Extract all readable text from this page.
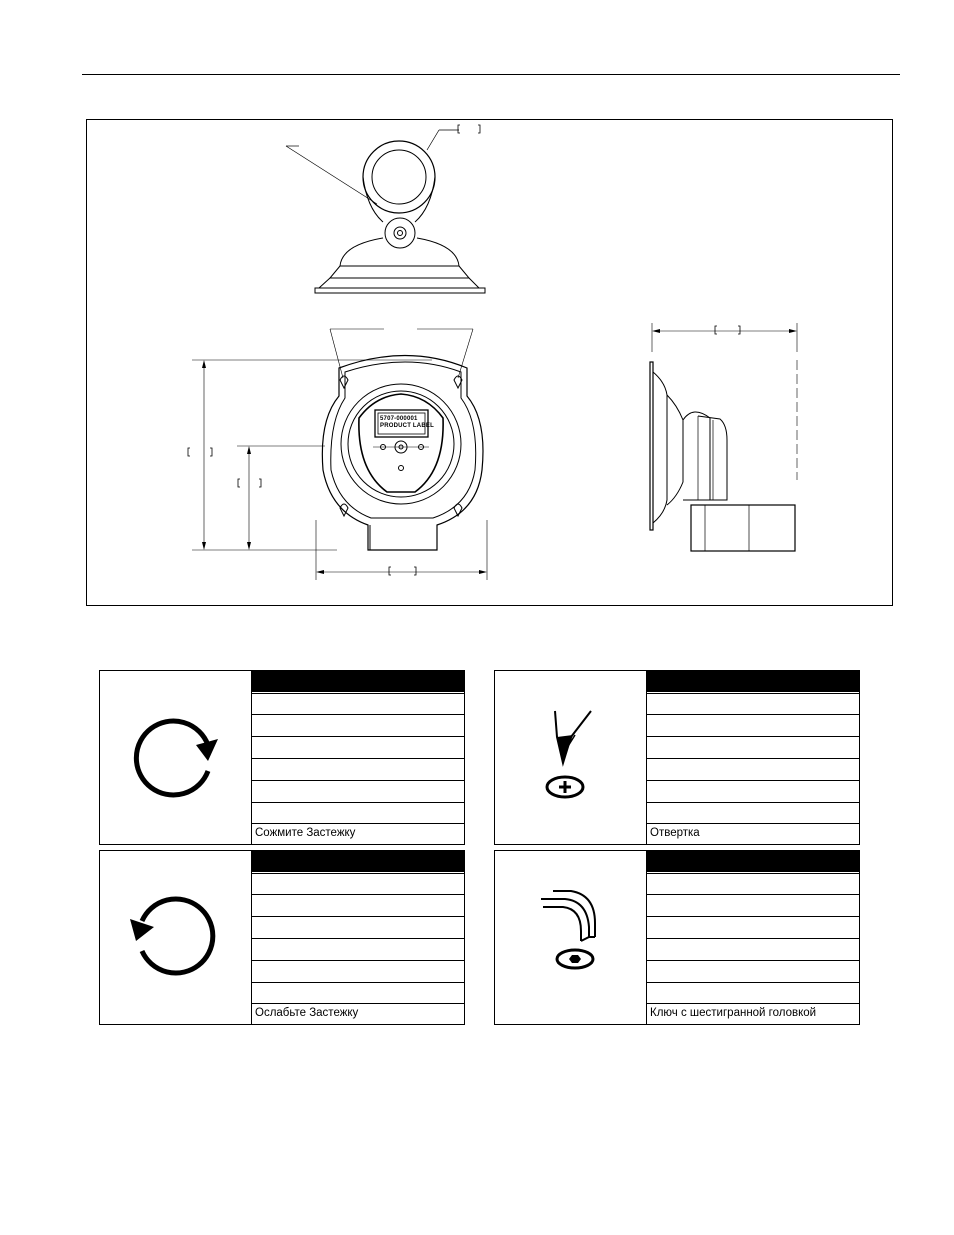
5707-000001
PRODUCT LABEL
Сожмите Застежку	Отвертка
Ослабьте Застежку	Ключ с шестигранной головкой
